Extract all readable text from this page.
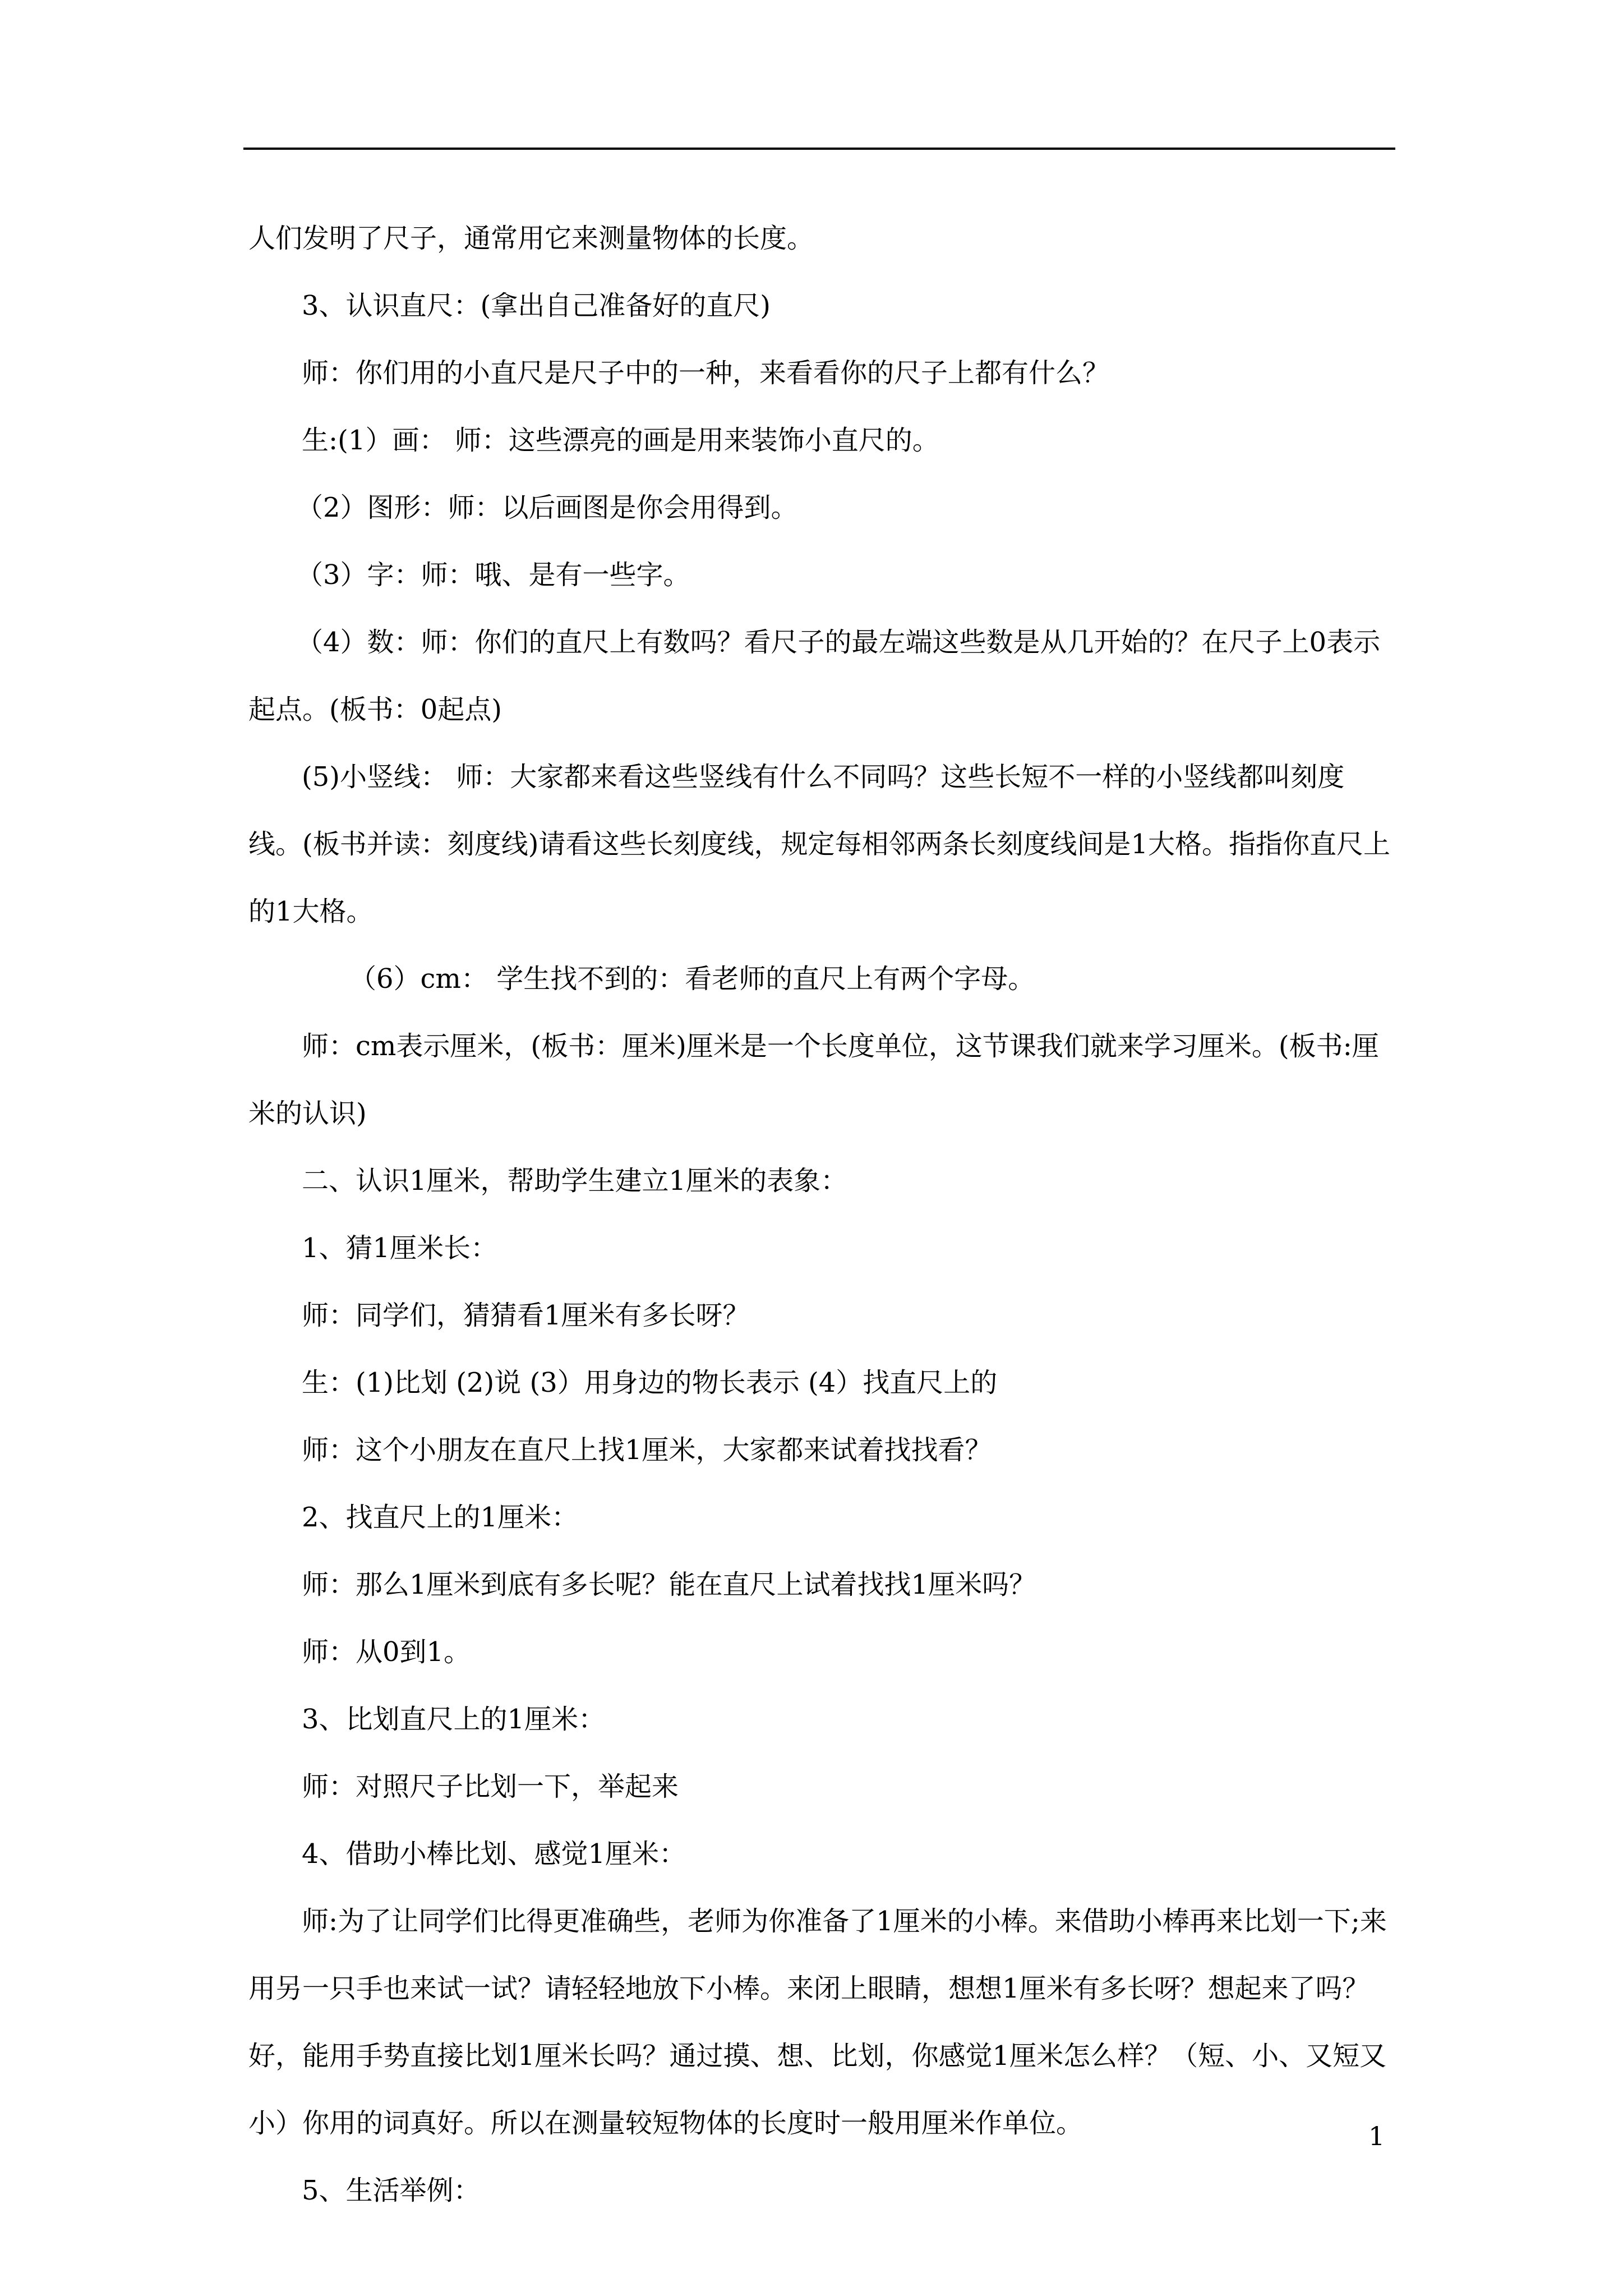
人们发明了尺子，通常用它来测量物体的长度。

3、认识直尺：(拿出自己准备好的直尺)

师：你们用的小直尺是尺子中的一种，来看看你的尺子上都有什么？

生:(1）画： 师：这些漂亮的画是用来装饰小直尺的。

（2）图形：师：以后画图是你会用得到。

（3）字：师：哦、是有一些字。

（4）数：师：你们的直尺上有数吗？看尺子的最左端这些数是从几开始的？在尺子上0表示起点。(板书：0起点)

(5)小竖线： 师：大家都来看这些竖线有什么不同吗？这些长短不一样的小竖线都叫刻度线。(板书并读：刻度线)请看这些长刻度线，规定每相邻两条长刻度线间是1大格。指指你直尺上的1大格。

（6）cm： 学生找不到的：看老师的直尺上有两个字母。

师：cm表示厘米，(板书：厘米)厘米是一个长度单位，这节课我们就来学习厘米。(板书:厘米的认识)

二、认识1厘米，帮助学生建立1厘米的表象：

1、猜1厘米长：

师：同学们，猜猜看1厘米有多长呀？

生：(1)比划 (2)说 (3）用身边的物长表示 (4）找直尺上的

师：这个小朋友在直尺上找1厘米，大家都来试着找找看？

2、找直尺上的1厘米：

师：那么1厘米到底有多长呢？能在直尺上试着找找1厘米吗？

师：从0到1。

3、比划直尺上的1厘米：

师：对照尺子比划一下，举起来

4、借助小棒比划、感觉1厘米：

师:为了让同学们比得更准确些，老师为你准备了1厘米的小棒。来借助小棒再来比划一下;来用另一只手也来试一试？请轻轻地放下小棒。来闭上眼睛，想想1厘米有多长呀？想起来了吗？好，能用手势直接比划1厘米长吗？通过摸、想、比划，你感觉1厘米怎么样？（短、小、又短又小）你用的词真好。所以在测量较短物体的长度时一般用厘米作单位。

5、生活举例：

1
